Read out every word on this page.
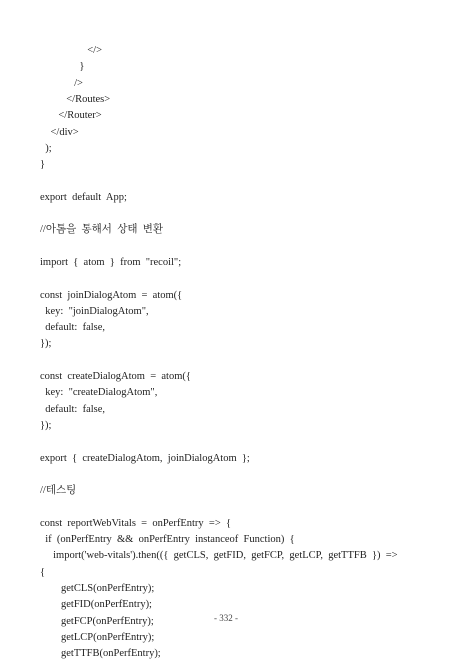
</>
}
/>
</Routes>
</Router>
</div>
);
}
export  default  App;
//아톰을  통해서  상태  변환
import  {  atom  }  from  "recoil";
const  joinDialogAtom  =  atom({
key:  "joinDialogAtom",
default:  false,
});
const  createDialogAtom  =  atom({
key:  "createDialogAtom",
default:  false,
});
export  {  createDialogAtom,  joinDialogAtom  };
//테스팅
const  reportWebVitals  =  onPerfEntry  =>  {
if  (onPerfEntry  &&  onPerfEntry  instanceof  Function)  {
import('web-vitals').then(({  getCLS,  getFID,  getFCP,  getLCP,  getTTFB  })  =>
{
getCLS(onPerfEntry);
getFID(onPerfEntry);
getFCP(onPerfEntry);
getLCP(onPerfEntry);
getTTFB(onPerfEntry);
- 332 -
